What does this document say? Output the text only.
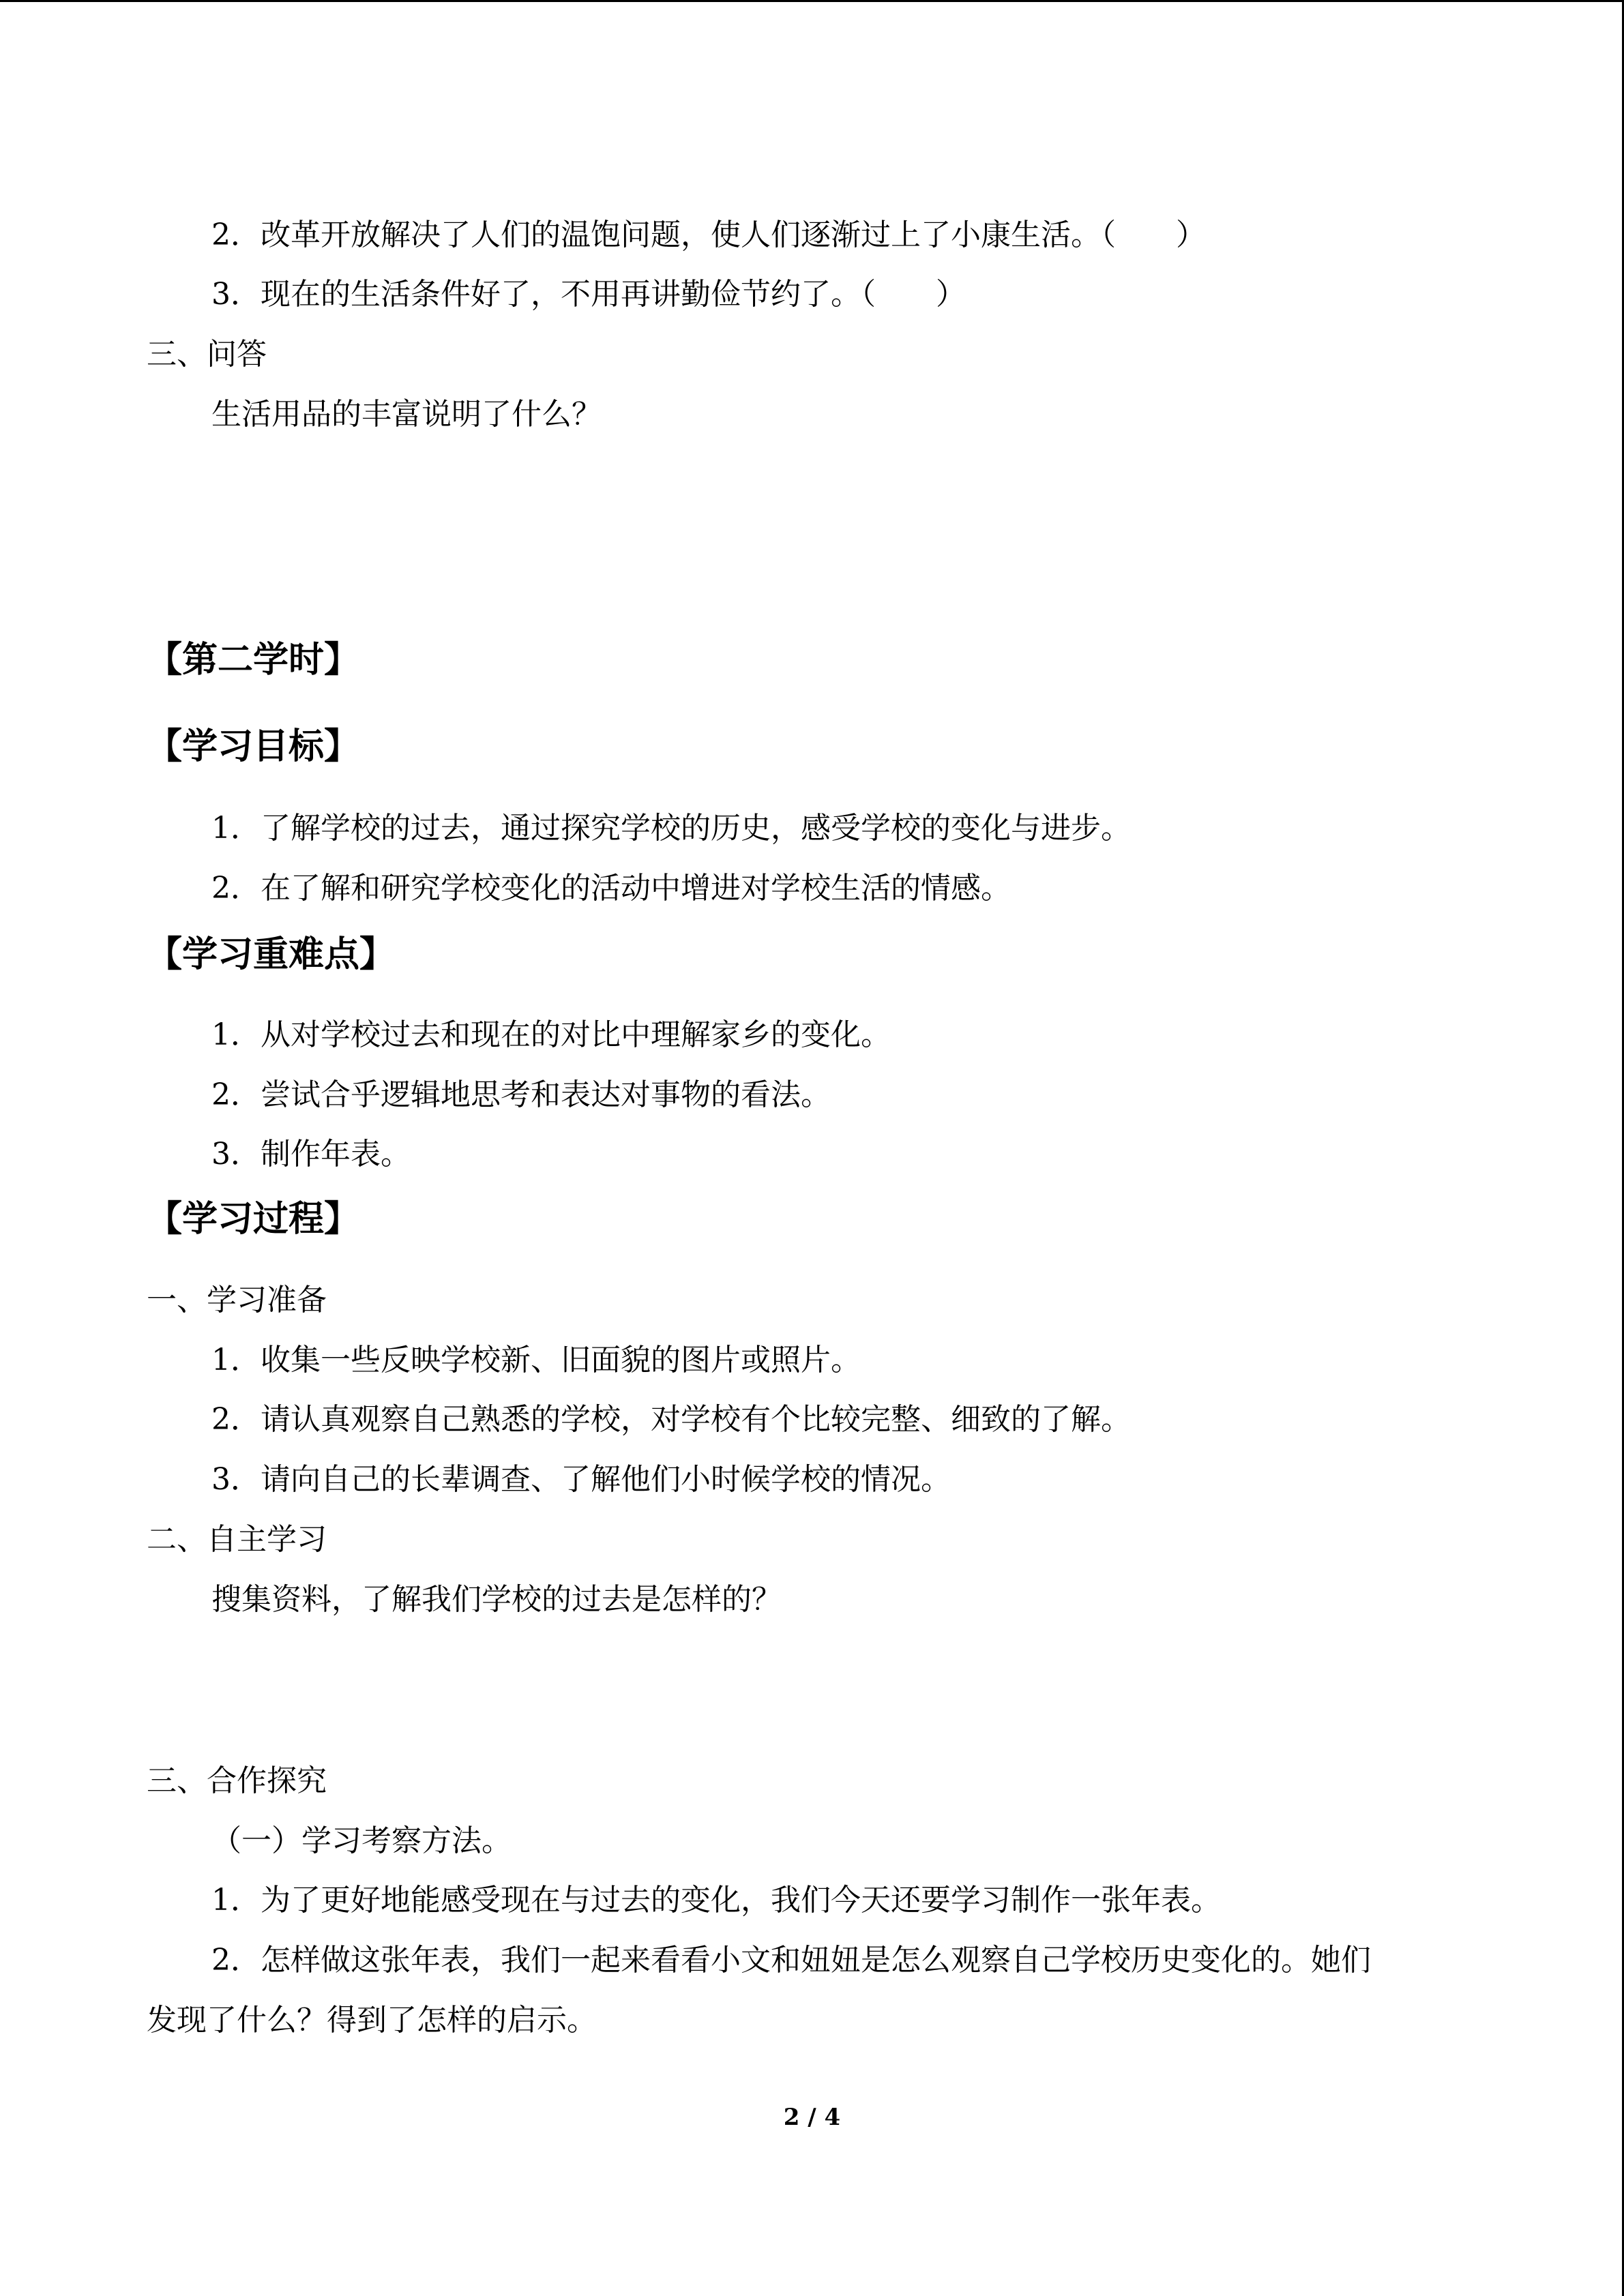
2．改革开放解决了人们的温饱问题，使人们逐渐过上了小康生活。（　　）
3．现在的生活条件好了，不用再讲勤俭节约了。（　　）
三、问答
生活用品的丰富说明了什么？
【第二学时】
【学习目标】
1．了解学校的过去，通过探究学校的历史，感受学校的变化与进步。
2．在了解和研究学校变化的活动中增进对学校生活的情感。
【学习重难点】
1．从对学校过去和现在的对比中理解家乡的变化。
2．尝试合乎逻辑地思考和表达对事物的看法。
3．制作年表。
【学习过程】
一、学习准备
1．收集一些反映学校新、旧面貌的图片或照片。
2．请认真观察自己熟悉的学校，对学校有个比较完整、细致的了解。
3．请向自己的长辈调查、了解他们小时候学校的情况。
二、自主学习
搜集资料，了解我们学校的过去是怎样的？
三、合作探究
（一）学习考察方法。
1．为了更好地能感受现在与过去的变化，我们今天还要学习制作一张年表。
2．怎样做这张年表，我们一起来看看小文和妞妞是怎么观察自己学校历史变化的。她们
发现了什么？得到了怎样的启示。
2 / 4
